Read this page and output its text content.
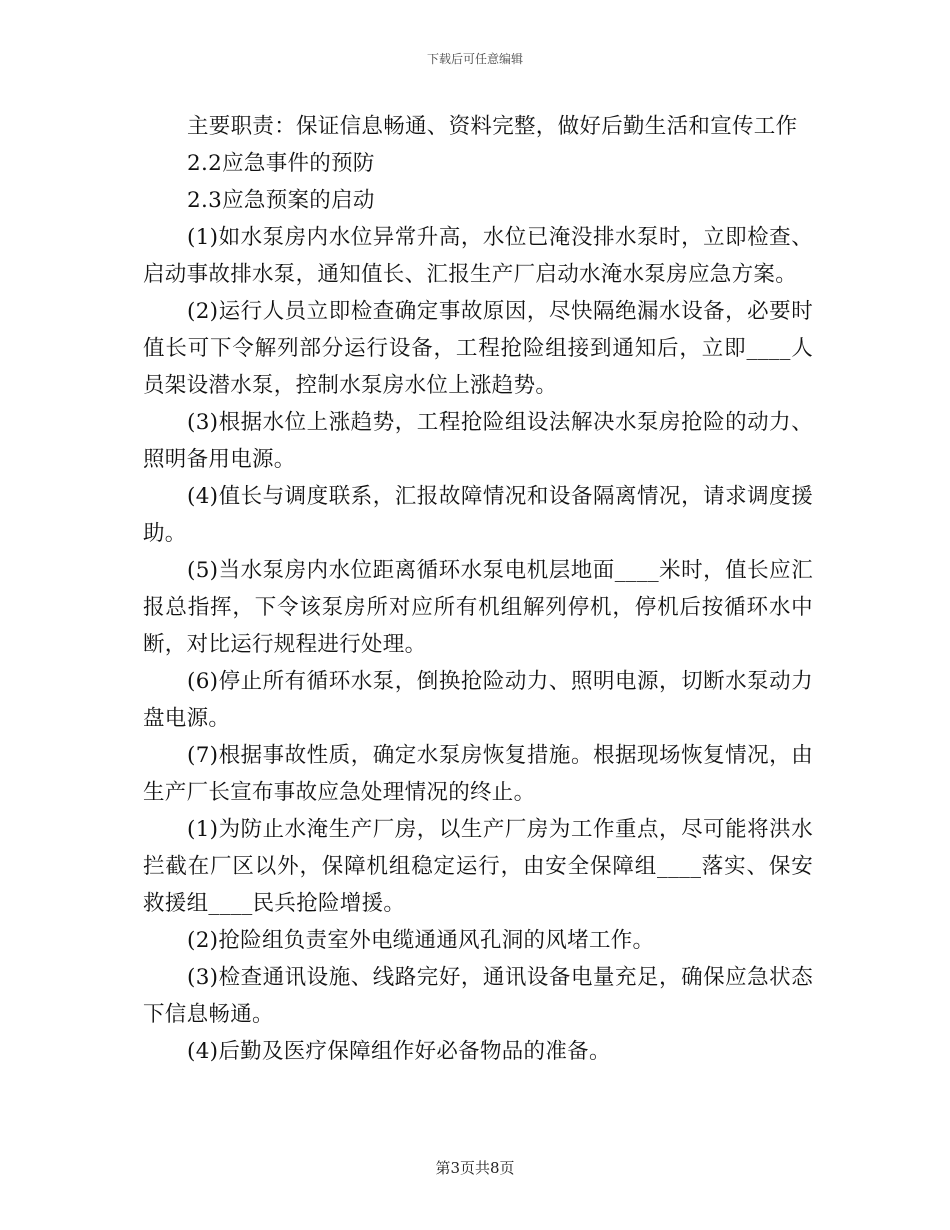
下载后可任意编辑

主要职责：保证信息畅通、资料完整，做好后勤生活和宣传工作

2.2应急事件的预防

2.3应急预案的启动

(1)如水泵房内水位异常升高，水位已淹没排水泵时，立即检查、启动事故排水泵，通知值长、汇报生产厂启动水淹水泵房应急方案。

(2)运行人员立即检查确定事故原因，尽快隔绝漏水设备，必要时值长可下令解列部分运行设备，工程抢险组接到通知后，立即____人员架设潜水泵，控制水泵房水位上涨趋势。

(3)根据水位上涨趋势，工程抢险组设法解决水泵房抢险的动力、照明备用电源。

(4)值长与调度联系，汇报故障情况和设备隔离情况，请求调度援助。

(5)当水泵房内水位距离循环水泵电机层地面____米时，值长应汇报总指挥，下令该泵房所对应所有机组解列停机，停机后按循环水中断，对比运行规程进行处理。

(6)停止所有循环水泵，倒换抢险动力、照明电源，切断水泵动力盘电源。

(7)根据事故性质，确定水泵房恢复措施。根据现场恢复情况，由生产厂长宣布事故应急处理情况的终止。

(1)为防止水淹生产厂房，以生产厂房为工作重点，尽可能将洪水拦截在厂区以外，保障机组稳定运行，由安全保障组____落实、保安救援组____民兵抢险增援。

(2)抢险组负责室外电缆通通风孔洞的风堵工作。

(3)检查通讯设施、线路完好，通讯设备电量充足，确保应急状态下信息畅通。

(4)后勤及医疗保障组作好必备物品的准备。

第3页共8页
